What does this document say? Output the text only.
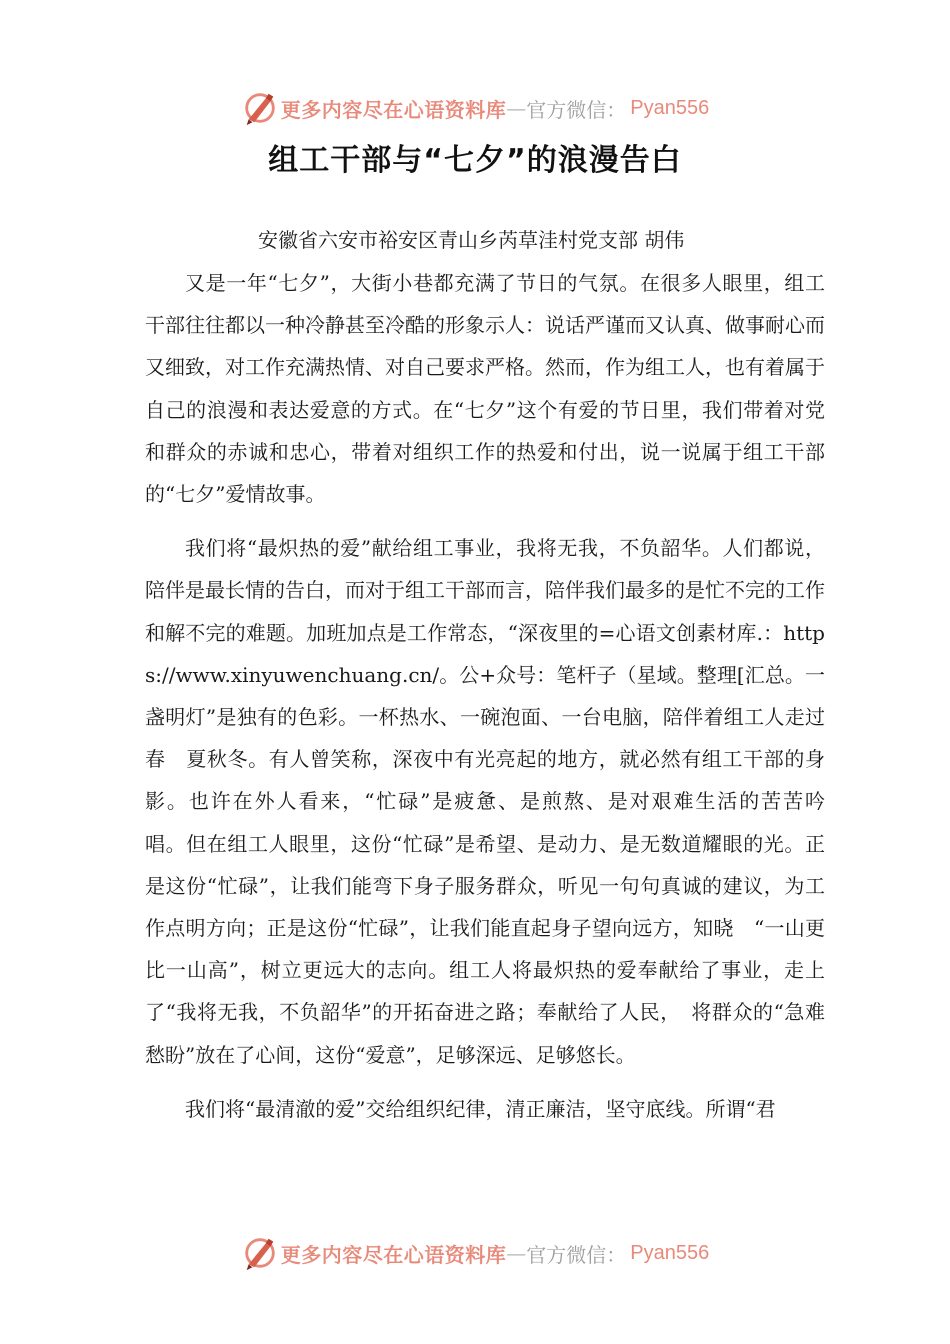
更多内容尽在心语资料库 — 官方微信： Pyan556
组工干部与“七夕”的浪漫告白
安徽省六安市裕安区青山乡芮草洼村党支部 胡伟

又是一年“七夕”，大街小巷都充满了节日的气氛。在很多人眼里，组工干部往往都以一种冷静甚至冷酷的形象示人：说话严谨而又认真、做事耐心而又细致，对工作充满热情、对自己要求严格。然而，作为组工人，也有着属于自己的浪漫和表达爱意的方式。在“七夕”这个有爱的节日里，我们带着对党和群众的赤诚和忠心，带着对组织工作的热爱和付出，说一说属于组工干部的“七夕”爱情故事。

我们将“最炽热的爱”献给组工事业，我将无我，不负韶华。人们都说，陪伴是最长情的告白，而对于组工干部而言，陪伴我们最多的是忙不完的工作和解不完的难题。加班加点是工作常态，“深夜里的=心语文创素材库.：https://www.xinyuwenchuang.cn/。公+众号：笔杆子（星域。整理[汇总。一盏明灯”是独有的色彩。一杯热水、一碗泡面、一台电脑，陪伴着组工人走过春　夏秋冬。有人曾笑称，深夜中有光亮起的地方，就必然有组工干部的身　影。也许在外人看来，“忙碌”是疲惫、是煎熬、是对艰难生活的苦苦吟　唱。但在组工人眼里，这份“忙碌”是希望、是动力、是无数道耀眼的光。正是这份“忙碌”，让我们能弯下身子服务群众，听见一句句真诚的建议，为工作点明方向；正是这份“忙碌”，让我们能直起身子望向远方，知晓　“一山更比一山高”，树立更远大的志向。组工人将最炽热的爱奉献给了事业，走上了“我将无我，不负韶华”的开拓奋进之路；奉献给了人民，　将群众的“急难愁盼”放在了心间，这份“爱意”，足够深远、足够悠长。

我们将“最清澈的爱”交给组织纪律，清正廉洁，坚守底线。所谓“君

更多内容尽在心语资料库 — 官方微信： Pyan556
